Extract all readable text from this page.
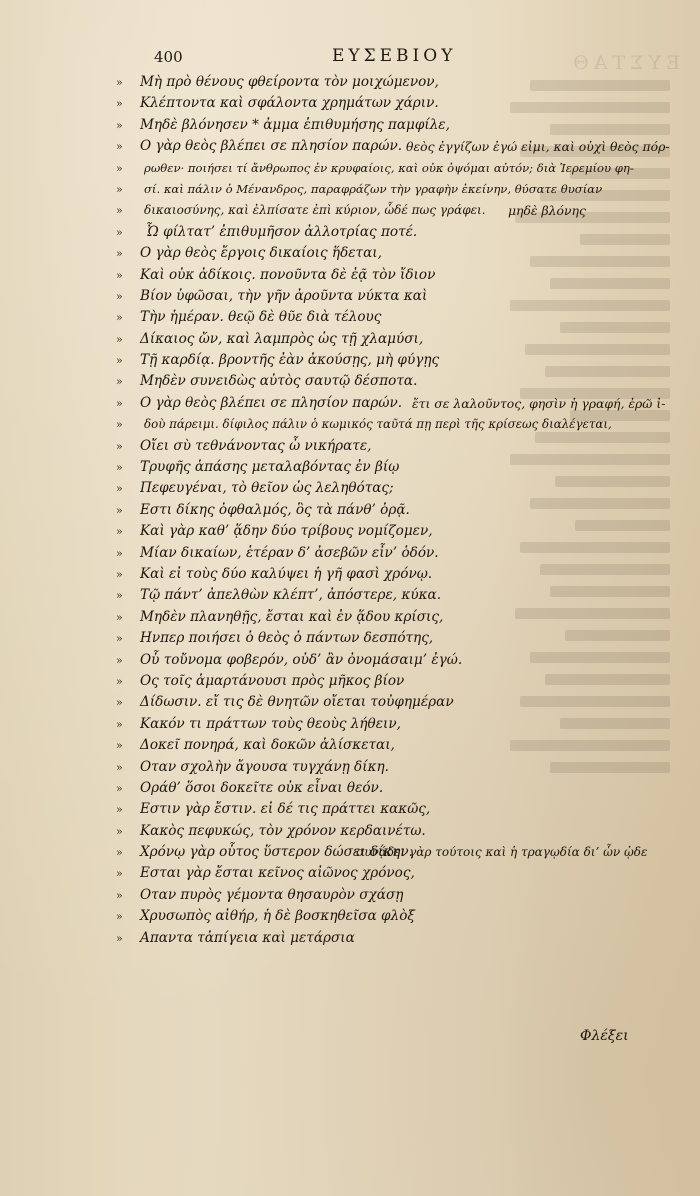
ΕΥΣΤΑΘ
400	ΕΥΣΕΒΙΟΥ
»	Μὴ πρὸ θένους φθείροντα τὸν μοιχώμενον,
»	Κλέπτοντα καὶ σφάλοντα χρημάτων χάριν.
»	Μηδὲ βλόνησεν * ἀμμα ἐπιθυμήσης παμφίλε,
»	Ο γὰρ θεὸς βλέπει σε πλησίον παρών. θεὸς ἐγγίζων ἐγώ εἰμι, καὶ οὐχὶ θεὸς πόρ-
»	ρωθεν· ποιήσει τί ἄνθρωπος ἐν κρυφαίοις, καὶ οὐκ ὀψόμαι αὐτόν; διὰ Ἱερεμίου φη-
»	σί. καὶ πάλιν ὁ Μένανδρος, παραφράζων τὴν γραφὴν ἐκείνην, θύσατε θυσίαν
»	δικαιοσύνης, καὶ ἐλπίσατε ἐπὶ κύριον, ὧδέ πως γράφει. μηδὲ βλόνης
»	Ὦ φίλτατ’ ἐπιθυμῆσον ἀλλοτρίας ποτέ.
»	Ο γὰρ θεὸς ἔργοις δικαίοις ἥδεται,
»	Καὶ οὐκ ἀδίκοις. πονοῦντα δὲ ἐᾷ τὸν ἴδιον
»	Βίον ὑφῶσαι, τὴν γῆν ἀροῦντα νύκτα καὶ
»	Τὴν ἡμέραν. θεῷ δὲ θῦε διὰ τέλους
»	Δίκαιος ὤν, καὶ λαμπρὸς ὡς τῇ χλαμύσι,
»	Τῇ καρδίᾳ. βροντῆς ἐὰν ἀκούσῃς, μὴ φύγῃς
»	Μηδὲν συνειδὼς αὐτὸς σαυτῷ δέσποτα.
»	Ο γὰρ θεὸς βλέπει σε πλησίον παρών. ἔτι σε λαλοῦντος, φησὶν ἡ γραφή, ἐρῶ ἰ-
»	δοὺ πάρειμι. δίφιλος πάλιν ὁ κωμικός ταῦτά πῃ περὶ τῆς κρίσεως διαλέγεται,
»	Οἴει σὺ τεθνάνοντας ὦ νικήρατε,
»	Τρυφῆς ἁπάσης μεταλαβόντας ἐν βίῳ
»	Πεφευγέναι, τὸ θεῖον ὡς λεληθότας;
»	Εστι δίκης ὀφθαλμός, ὃς τὰ πάνθ’ ὁρᾷ.
»	Καὶ γὰρ καθ’ ᾅδην δύο τρίβους νομίζομεν,
»	Μίαν δικαίων, ἑτέραν δ’ ἀσεβῶν εἶν’ ὁδόν.
»	Καὶ εἰ τοὺς δύο καλύψει ἡ γῆ φασὶ χρόνῳ.
»	Τῷ πάντ’ ἀπελθὼν κλέπτ’, ἀπόστερε, κύκα.
»	Μηδὲν πλανηθῇς, ἔσται καὶ ἐν ᾅδου κρίσις,
»	Ηνπερ ποιήσει ὁ θεὸς ὁ πάντων δεσπότης,
»	Οὗ τοὔνομα φοβερόν, οὐδ’ ἂν ὀνομάσαιμ’ ἐγώ.
»	Ος τοῖς ἁμαρτάνουσι πρὸς μῆκος βίον
»	Δίδωσιν. εἴ τις δὲ θνητῶν οἴεται τοὐφημέραν
»	Κακόν τι πράττων τοὺς θεοὺς λήθειν,
»	Δοκεῖ πονηρά, καὶ δοκῶν ἁλίσκεται,
»	Οταν σχολὴν ἄγουσα τυγχάνῃ δίκη.
»	Οράθ’ ὅσοι δοκεῖτε οὐκ εἶναι θεόν.
»	Εστιν γὰρ ἔστιν. εἰ δέ τις πράττει κακῶς,
»	Κακὸς πεφυκώς, τὸν χρόνον κερδαινέτω.
»	Χρόνῳ γὰρ οὗτος ὕστερον δώσει δίκην.
συνᾴδει γὰρ τούτοις καὶ ἡ τραγῳδία δι’ ὧν ᾠδε
»	Εσται γὰρ ἔσται κεῖνος αἰῶνος χρόνος,
»	Οταν πυρὸς γέμοντα θησαυρὸν σχάσῃ
»	Χρυσωπὸς αἰθήρ, ἡ δὲ βοσκηθεῖσα φλὸξ
»	Απαντα τἀπίγεια καὶ μετάρσια
Φλέξει
